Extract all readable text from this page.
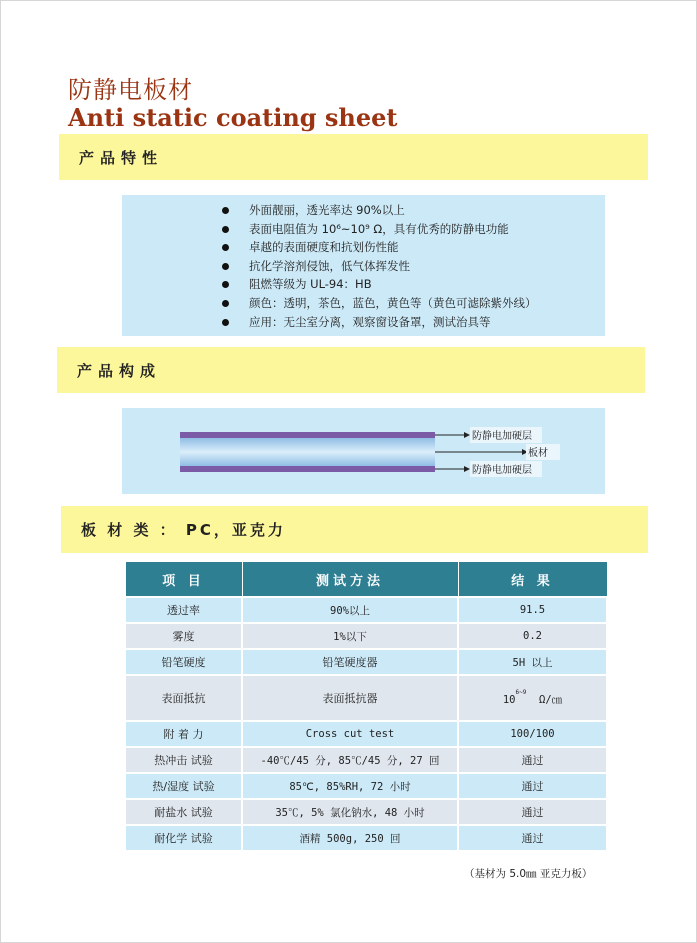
防静电板材
Anti static coating sheet
产品特性
外面靓丽，透光率达 90%以上
表面电阻值为 10⁶~10⁹ Ω，具有优秀的防静电功能
卓越的表面硬度和抗划伤性能
抗化学溶剂侵蚀，低气体挥发性
阻燃等级为 UL-94：HB
颜色：透明，茶色，蓝色，黄色等（黄色可滤除紫外线）
应用：无尘室分离，观察窗设备罩，测试治具等
产品构成
防静电加硬层
板材
防静电加硬层
板 材 类 ： PC，亚克力
项 目	测试方法	结 果
透过率	90%以上	91.5
雾度	1%以下	0.2
铅笔硬度	铅笔硬度器	5H 以上
表面抵抗	表面抵抗器	$10^{6\sim 9}$  Ω/㎝
附 着 力	Cross cut test	100/100
热冲击 试验	-40℃/45 分, 85℃/45 分, 27 回	通过
热/湿度 试验	85℃, 85%RH, 72 小时	通过
耐盐水 试验	35℃, 5% 氯化钠水, 48 小时	通过
耐化学 试验	酒精 500g, 250 回	通过
（基材为 5.0㎜ 亚克力板）
